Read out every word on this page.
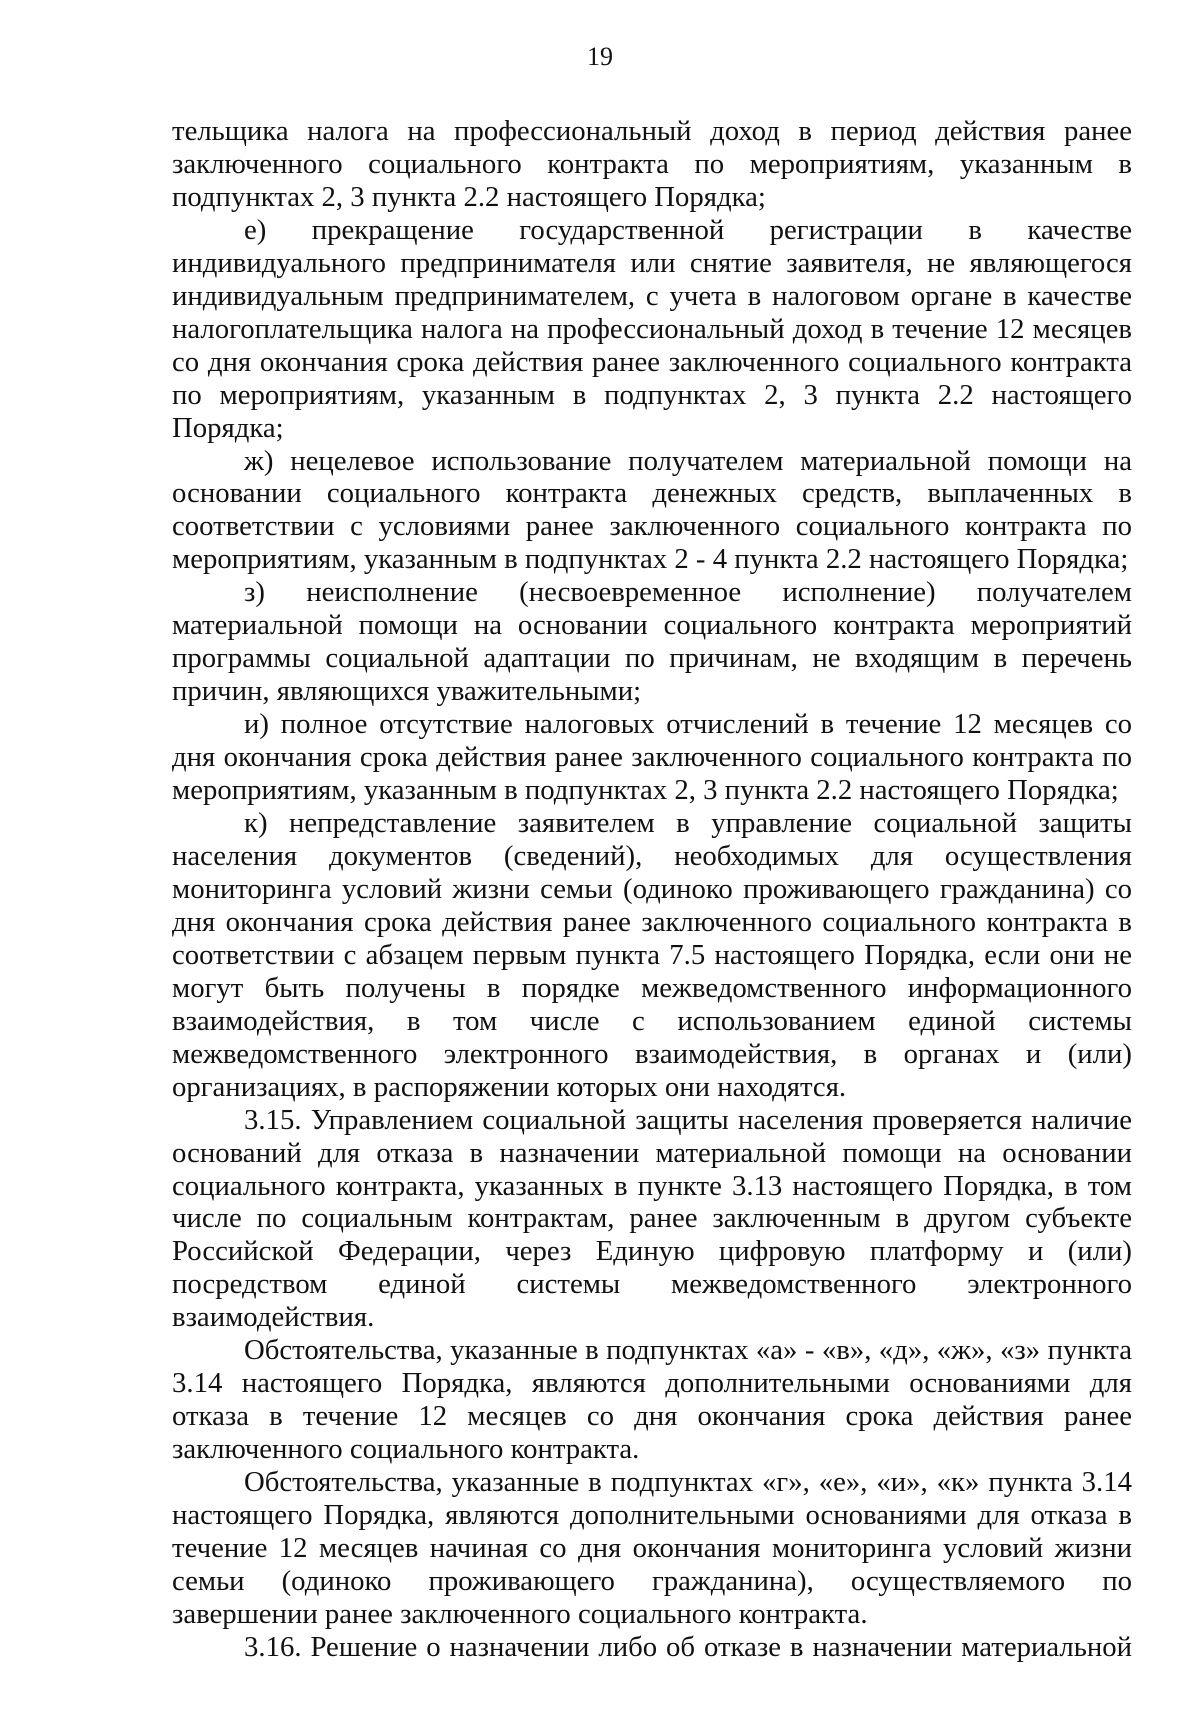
19

тельщика налога на профессиональный доход в период действия ранее заключенного социального контракта по мероприятиям, указанным в подпунктах 2, 3 пункта 2.2 настоящего Порядка;

е) прекращение государственной регистрации в качестве индивидуального предпринимателя или снятие заявителя, не являющегося индивидуальным предпринимателем, с учета в налоговом органе в качестве налогоплательщика налога на профессиональный доход в течение 12 месяцев со дня окончания срока действия ранее заключенного социального контракта по мероприятиям, указанным в подпунктах 2, 3 пункта 2.2 настоящего Порядка;

ж) нецелевое использование получателем материальной помощи на основании социального контракта денежных средств, выплаченных в соответствии с условиями ранее заключенного социального контракта по мероприятиям, указанным в подпунктах 2 - 4 пункта 2.2 настоящего Порядка;

з) неисполнение (несвоевременное исполнение) получателем материальной помощи на основании социального контракта мероприятий программы социальной адаптации по причинам, не входящим в перечень причин, являющихся уважительными;

и) полное отсутствие налоговых отчислений в течение 12 месяцев со дня окончания срока действия ранее заключенного социального контракта по мероприятиям, указанным в подпунктах 2, 3 пункта 2.2 настоящего Порядка;

к) непредставление заявителем в управление социальной защиты населения документов (сведений), необходимых для осуществления мониторинга условий жизни семьи (одиноко проживающего гражданина) со дня окончания срока действия ранее заключенного социального контракта в соответствии с абзацем первым пункта 7.5 настоящего Порядка, если они не могут быть получены в порядке межведомственного информационного взаимодействия, в том числе с использованием единой системы межведомственного электронного взаимодействия, в органах и (или) организациях, в распоряжении которых они находятся.

3.15. Управлением социальной защиты населения проверяется наличие оснований для отказа в назначении материальной помощи на основании социального контракта, указанных в пункте 3.13 настоящего Порядка, в том числе по социальным контрактам, ранее заключенным в другом субъекте Российской Федерации, через Единую цифровую платформу и (или) посредством единой системы межведомственного электронного взаимодействия.

Обстоятельства, указанные в подпунктах «а» - «в», «д», «ж», «з» пункта 3.14 настоящего Порядка, являются дополнительными основаниями для отказа в течение 12 месяцев со дня окончания срока действия ранее заключенного социального контракта.

Обстоятельства, указанные в подпунктах «г», «е», «и», «к» пункта 3.14 настоящего Порядка, являются дополнительными основаниями для отказа в течение 12 месяцев начиная со дня окончания мониторинга условий жизни семьи (одиноко проживающего гражданина), осуществляемого по завершении ранее заключенного социального контракта.

3.16. Решение о назначении либо об отказе в назначении материальной
